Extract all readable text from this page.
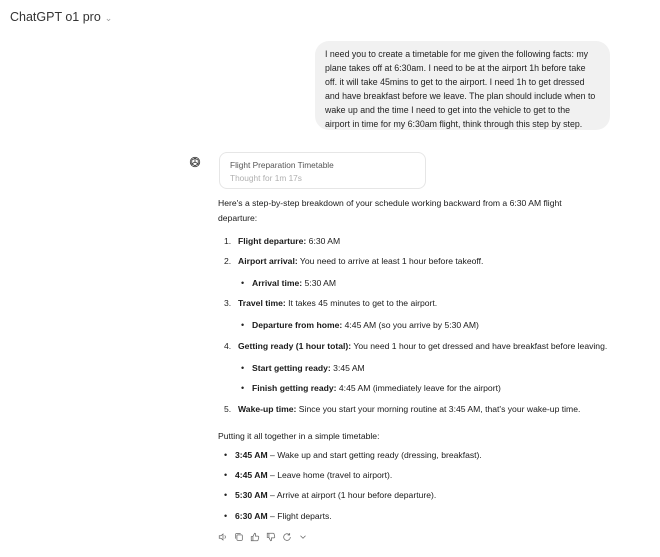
ChatGPT o1 pro ⌄
I need you to create a timetable for me given the following facts: my
plane takes off at 6:30am. I need to be at the airport 1h before take
off. it will take 45mins to get to the airport. I need 1h to get dressed
and have breakfast before we leave. The plan should include when to
wake up and the time I need to get into the vehicle to get to the
airport in time for my 6:30am flight, think through this step by step.
Flight Preparation Timetable
Thought for 1m 17s
Here's a step-by-step breakdown of your schedule working backward from a 6:30 AM flight
departure:
1. Flight departure: 6:30 AM
2. Airport arrival: You need to arrive at least 1 hour before takeoff.
• Arrival time: 5:30 AM
3. Travel time: It takes 45 minutes to get to the airport.
• Departure from home: 4:45 AM (so you arrive by 5:30 AM)
4. Getting ready (1 hour total): You need 1 hour to get dressed and have breakfast before leaving.
• Start getting ready: 3:45 AM
• Finish getting ready: 4:45 AM (immediately leave for the airport)
5. Wake-up time: Since you start your morning routine at 3:45 AM, that's your wake-up time.
Putting it all together in a simple timetable:
• 3:45 AM – Wake up and start getting ready (dressing, breakfast).
• 4:45 AM – Leave home (travel to airport).
• 5:30 AM – Arrive at airport (1 hour before departure).
• 6:30 AM – Flight departs.
